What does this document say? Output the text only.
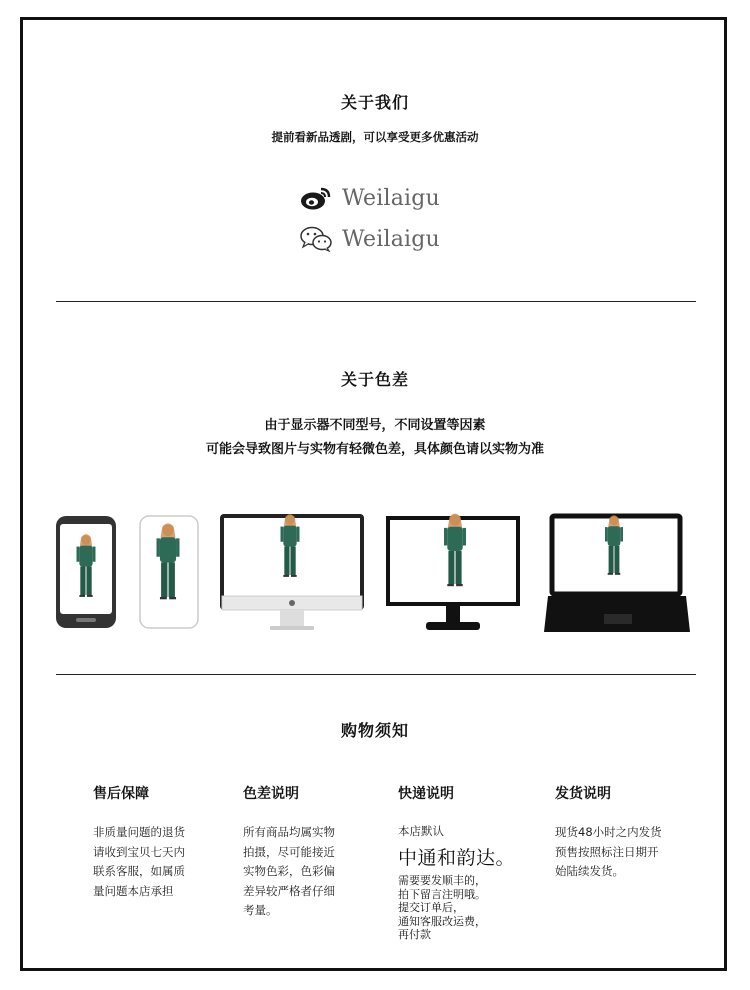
关于我们
提前看新品透剧，可以享受更多优惠活动
Weilaigu
Weilaigu
关于色差
由于显示器不同型号，不同设置等因素
可能会导致图片与实物有轻微色差，具体颜色请以实物为准
购物须知
售后保障
非质量问题的退货
请收到宝贝七天内
联系客服，如属质
量问题本店承担
色差说明
所有商品均属实物
拍摄，尽可能接近
实物色彩，色彩偏
差异较严格者仔细
考量。
快递说明
本店默认
中通和韵达。
需要要发顺丰的，
拍下留言注明哦。
提交订单后，
通知客服改运费，
再付款
发货说明
现货48小时之内发货
预售按照标注日期开
始陆续发货。
